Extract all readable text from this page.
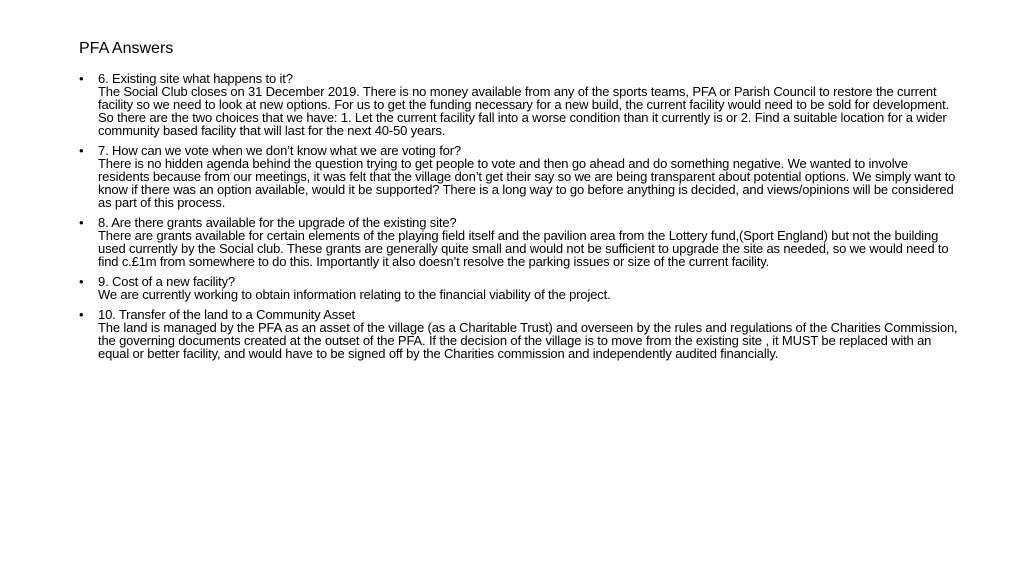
PFA Answers
• 6. Existing site what happens to it?
The Social Club closes on 31 December 2019. There is no money available from any of the sports teams, PFA or Parish Council to restore the current facility so we need to look at new options. For us to get the funding necessary for a new build, the current facility would need to be sold for development. So there are the two choices that we have: 1. Let the current facility fall into a worse condition than it currently is or 2. Find a suitable location for a wider community based facility that will last for the next 40-50 years.
• 7. How can we vote when we don’t know what we are voting for?
There is no hidden agenda behind the question trying to get people to vote and then go ahead and do something negative. We wanted to involve residents because from our meetings, it was felt that the village don’t get their say so we are being transparent about potential options. We simply want to know if there was an option available, would it be supported? There is a long way to go before anything is decided, and views/opinions will be considered as part of this process.
• 8. Are there grants available for the upgrade of the existing site?
There are grants available for certain elements of the playing field itself and the pavilion area from the Lottery fund,(Sport England) but not the building used currently by the Social club. These grants are generally quite small and would not be sufficient to upgrade the site as needed, so we would need to find c.£1m from somewhere to do this. Importantly it also doesn’t resolve the parking issues or size of the current facility.
• 9. Cost of a new facility?
We are currently working to obtain information relating to the financial viability of the project.
• 10. Transfer of the land to a Community Asset
The land is managed by the PFA as an asset of the village (as a Charitable Trust) and overseen by the rules and regulations of the Charities Commission, the governing documents created at the outset of the PFA. If the decision of the village is to move from the existing site , it MUST be replaced with an equal or better facility, and would have to be signed off by the Charities commission and independently audited financially.
